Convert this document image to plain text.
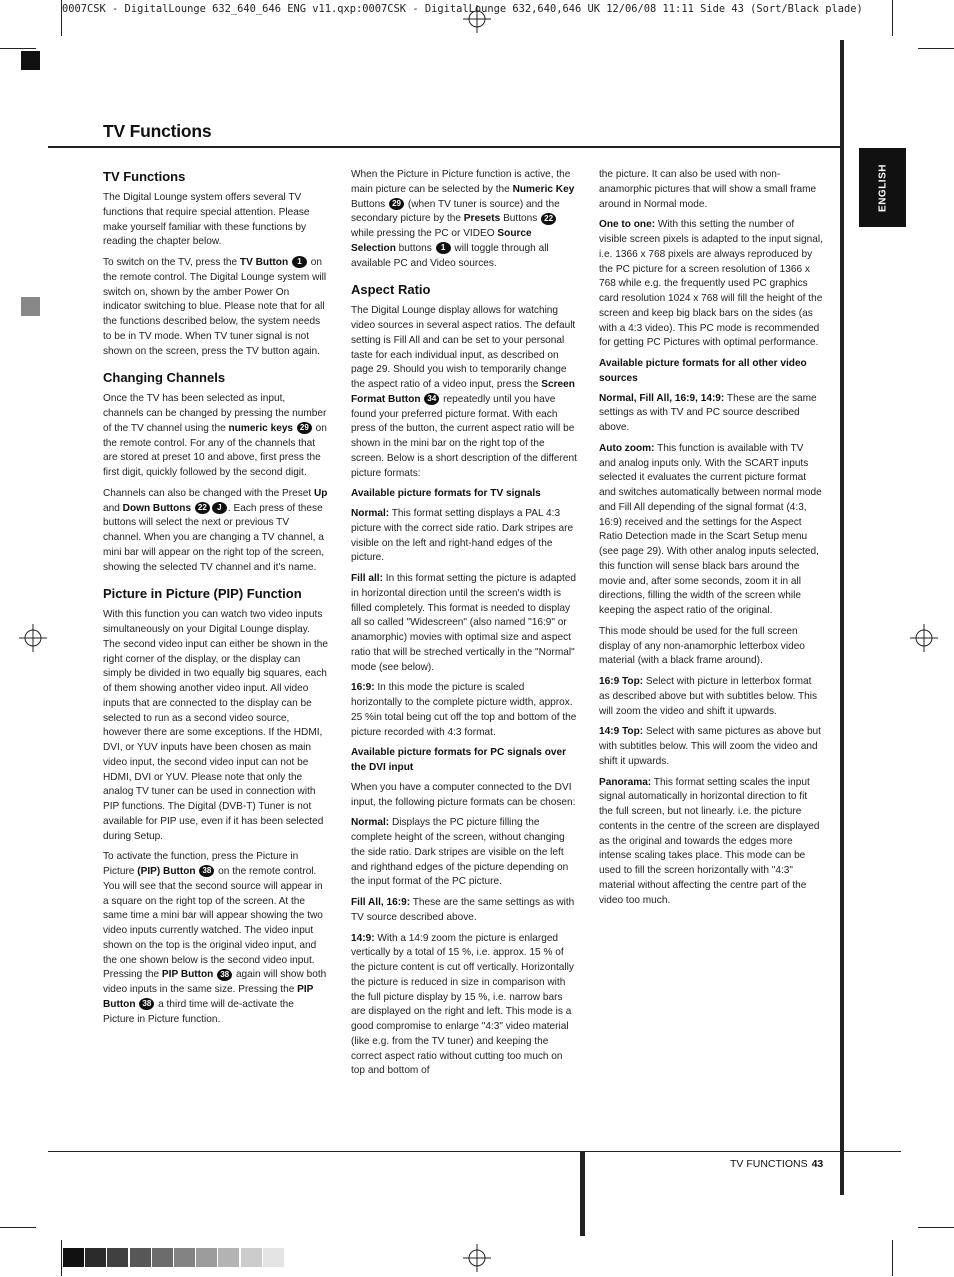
0007CSK - DigitalLounge 632_640_646 ENG v11.qxp:0007CSK - DigitalLounge 632,640,646 UK 12/06/08 11:11 Side 43 (Sort/Black plade)
TV Functions
ENGLISH
TV Functions

The Digital Lounge system offers several TV functions that require special attention. Please make yourself familiar with these functions by reading the chapter below.

To switch on the TV, press the TV Button 1 on the remote control. The Digital Lounge system will switch on, shown by the amber Power On indicator switching to blue. Please note that for all the functions described below, the system needs to be in TV mode. When TV tuner signal is not shown on the screen, press the TV button again.

Changing Channels

Once the TV has been selected as input, channels can be changed by pressing the number of the TV channel using the numeric keys 29 on the remote control. For any of the channels that are stored at preset 10 and above, first press the first digit, quickly followed by the second digit.

Channels can also be changed with the Preset Up and Down Buttons 22 J . Each press of these buttons will select the next or previous TV channel. When you are changing a TV channel, a mini bar will appear on the right top of the screen, showing the selected TV channel and it's name.

Picture in Picture (PIP) Function

With this function you can watch two video inputs simultaneously on your Digital Lounge display. The second video input can either be shown in the right corner of the display, or the display can simply be divided in two equally big squares, each of them showing another video input. All video inputs that are connected to the display can be selected to run as a second video source, however there are some exceptions. If the HDMI, DVI, or YUV inputs have been chosen as main video input, the second video input can not be HDMI, DVI or YUV. Please note that only the analog TV tuner can be used in connection with PIP functions. The Digital (DVB-T) Tuner is not available for PIP use, even if it has been selected during Setup.

To activate the function, press the Picture in Picture (PIP) Button 38 on the remote control. You will see that the second source will appear in a square on the right top of the screen. At the same time a mini bar will appear showing the two video inputs currently watched. The video input shown on the top is the original video input, and the one shown below is the second video input. Pressing the PIP Button 38 again will show both video inputs in the same size. Pressing the PIP Button 38 a third time will de-activate the Picture in Picture function.

When the Picture in Picture function is active, the main picture can be selected by the Numeric Key Buttons 29 (when TV tuner is source) and the secondary picture by the Presets Buttons 22 while pressing the PC or VIDEO Source Selection buttons 1 will toggle through all available PC and Video sources.

Aspect Ratio

The Digital Lounge display allows for watching video sources in several aspect ratios. The default setting is Fill All and can be set to your personal taste for each individual input, as described on page 29. Should you wish to temporarily change the aspect ratio of a video input, press the Screen Format Button 34 repeatedly until you have found your preferred picture format. With each press of the button, the current aspect ratio will be shown in the mini bar on the right top of the screen. Below is a short description of the different picture formats:

Available picture formats for TV signals

Normal: This format setting displays a PAL 4:3 picture with the correct side ratio. Dark stripes are visible on the left and right-hand edges of the picture.

Fill all: In this format setting the picture is adapted in horizontal direction until the screen's width is filled completely. This format is needed to display all so called "Widescreen" (also named "16:9" or anamorphic) movies with optimal size and aspect ratio that will be streched vertically in the "Normal" mode (see below).

16:9: In this mode the picture is scaled horizontally to the complete picture width, approx. 25 %in total being cut off the top and bottom of the picture recorded with 4:3 format.

Available picture formats for PC signals over the DVI input

When you have a computer connected to the DVI input, the following picture formats can be chosen:

Normal: Displays the PC picture filling the complete height of the screen, without changing the side ratio. Dark stripes are visible on the left and righthand edges of the picture depending on the input format of the PC picture.

Fill All, 16:9: These are the same settings as with TV source described above.

14:9: With a 14:9 zoom the picture is enlarged vertically by a total of 15 %, i.e. approx. 15 % of the picture content is cut off vertically. Horizontally the picture is reduced in size in comparison with the full picture display by 15 %, i.e. narrow bars are displayed on the right and left. This mode is a good compromise to enlarge "4:3" video material (like e.g. from the TV tuner) and keeping the correct aspect ratio without cutting too much on top and bottom of

the picture. It can also be used with non-anamorphic pictures that will show a small frame around in Normal mode.

One to one: With this setting the number of visible screen pixels is adapted to the input signal, i.e. 1366 x 768 pixels are always reproduced by the PC picture for a screen resolution of 1366 x 768 while e.g. the frequently used PC graphics card resolution 1024 x 768 will fill the height of the screen and keep big black bars on the sides (as with a 4:3 video). This PC mode is recommended for getting PC Pictures with optimal performance.

Available picture formats for all other video sources

Normal, Fill All, 16:9, 14:9: These are the same settings as with TV and PC source described above.

Auto zoom: This function is available with TV and analog inputs only. With the SCART inputs selected it evaluates the current picture format and switches automatically between normal mode and Fill All depending of the signal format (4:3, 16:9) received and the settings for the Aspect Ratio Detection made in the Scart Setup menu (see page 29). With other analog inputs selected, this function will sense black bars around the movie and, after some seconds, zoom it in all directions, filling the width of the screen while keeping the aspect ratio of the original.

This mode should be used for the full screen display of any non-anamorphic letterbox video material (with a black frame around).

16:9 Top: Select with picture in letterbox format as described above but with subtitles below. This will zoom the video and shift it upwards.

14:9 Top: Select with same pictures as above but with subtitles below. This will zoom the video and shift it upwards.

Panorama: This format setting scales the input signal automatically in horizontal direction to fit the full screen, but not linearly. i.e. the picture contents in the centre of the screen are displayed as the original and towards the edges more intense scaling takes place. This mode can be used to fill the screen horizontally with "4:3" material without affecting the centre part of the video too much.

TV FUNCTIONS 43
